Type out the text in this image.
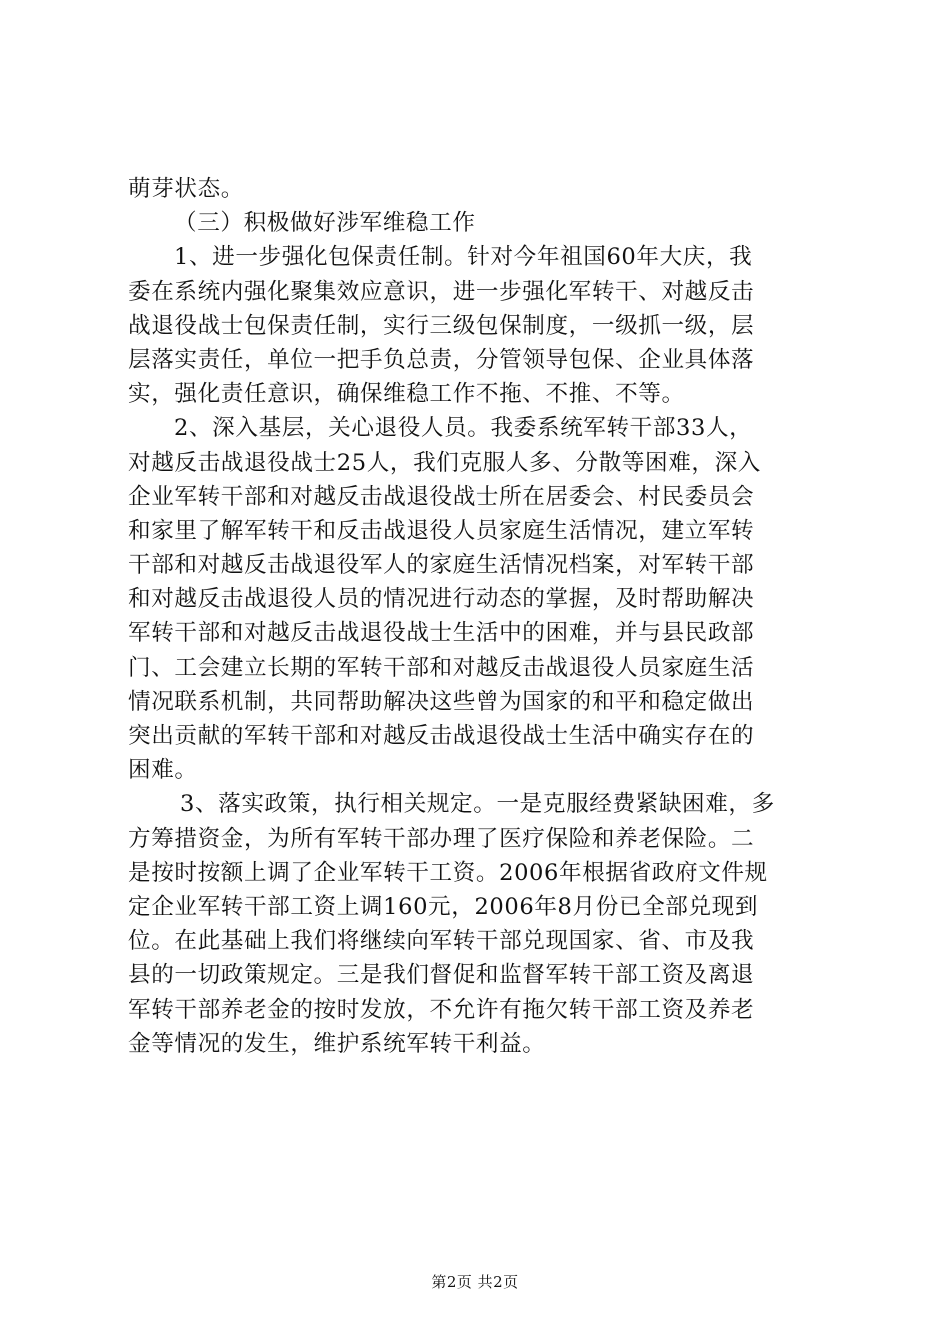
萌芽状态。
（三）积极做好涉军维稳工作
1、进一步强化包保责任制。针对今年祖国60年大庆，我
委在系统内强化聚集效应意识，进一步强化军转干、对越反击
战退役战士包保责任制，实行三级包保制度，一级抓一级，层
层落实责任，单位一把手负总责，分管领导包保、企业具体落
实，强化责任意识，确保维稳工作不拖、不推、不等。
2、深入基层，关心退役人员。我委系统军转干部33人，
对越反击战退役战士25人，我们克服人多、分散等困难，深入
企业军转干部和对越反击战退役战士所在居委会、村民委员会
和家里了解军转干和反击战退役人员家庭生活情况，建立军转
干部和对越反击战退役军人的家庭生活情况档案，对军转干部
和对越反击战退役人员的情况进行动态的掌握，及时帮助解决
军转干部和对越反击战退役战士生活中的困难，并与县民政部
门、工会建立长期的军转干部和对越反击战退役人员家庭生活
情况联系机制，共同帮助解决这些曾为国家的和平和稳定做出
突出贡献的军转干部和对越反击战退役战士生活中确实存在的
困难。
3、落实政策，执行相关规定。一是克服经费紧缺困难，多
方筹措资金，为所有军转干部办理了医疗保险和养老保险。二
是按时按额上调了企业军转干工资。2006年根据省政府文件规
定企业军转干部工资上调160元，2006年8月份已全部兑现到
位。在此基础上我们将继续向军转干部兑现国家、省、市及我
县的一切政策规定。三是我们督促和监督军转干部工资及离退
军转干部养老金的按时发放，不允许有拖欠转干部工资及养老
金等情况的发生，维护系统军转干利益。
第2页 共2页
